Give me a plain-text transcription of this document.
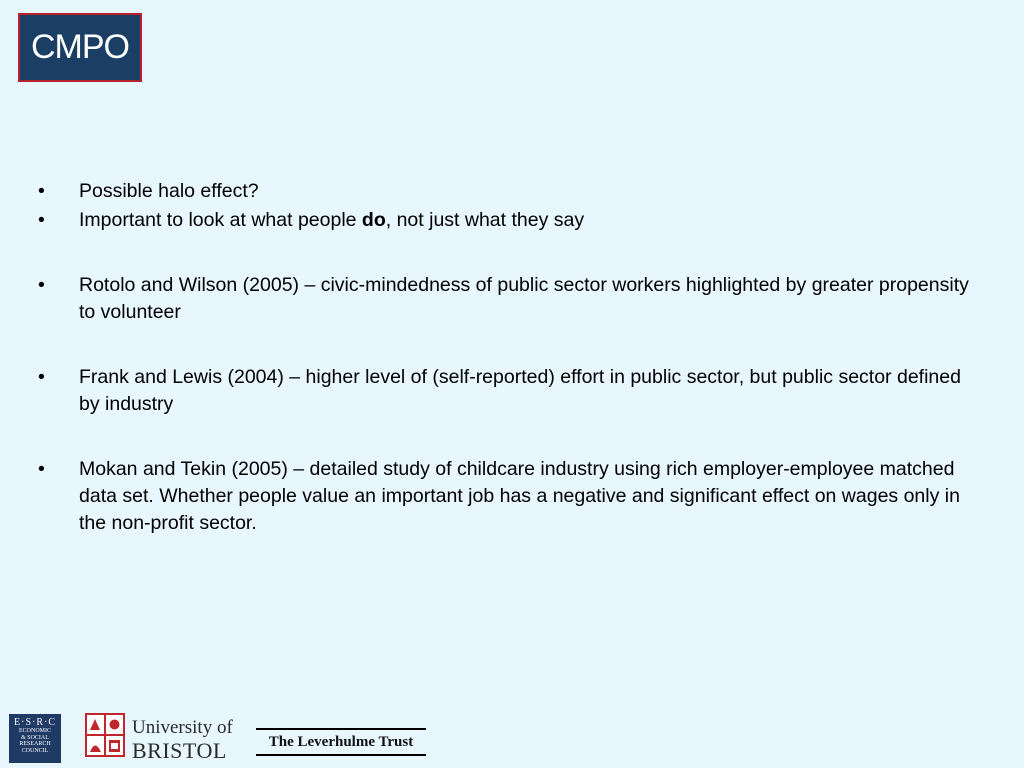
CMPO
•	Possible halo effect?
•	Important to look at what people do, not just what they say
•	Rotolo and Wilson (2005) – civic-mindedness of public sector workers highlighted by greater propensity to volunteer
•	Frank and Lewis (2004) – higher level of (self-reported) effort in public sector, but public sector defined by industry
•	Mokan and Tekin (2005) – detailed study of childcare industry using rich employer-employee matched data set. Whether people value an important job has a negative and significant effect on wages only in the non-profit sector.
E·S·R·C
ECONOMIC
& SOCIAL
RESEARCH
COUNCIL
University of
BRISTOL	The Leverhulme Trust
